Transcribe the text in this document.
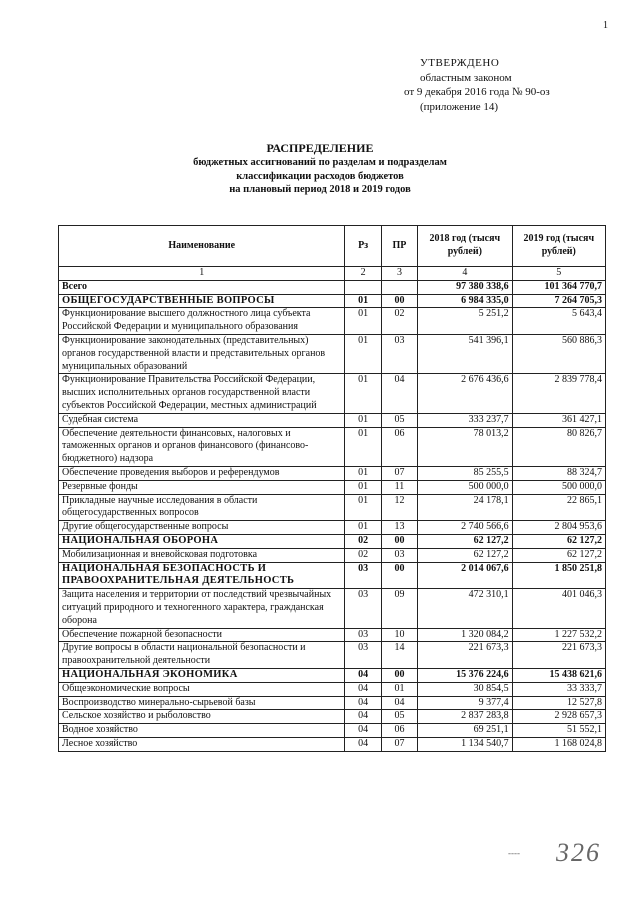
1
УТВЕРЖДЕНО
областным законом
от 9 декабря 2016 года № 90-оз
(приложение 14)
РАСПРЕДЕЛЕНИЕ
бюджетных ассигнований по разделам и подразделам
классификации расходов бюджетов
на плановый период 2018 и 2019 годов
Наименование	Рз	ПР	2018 год (тысяч рублей)	2019 год (тысяч рублей)
1	2	3	4	5
Всего			97 380 338,6	101 364 770,7
ОБЩЕГОСУДАРСТВЕННЫЕ ВОПРОСЫ	01	00	6 984 335,0	7 264 705,3
Функционирование высшего должностного лица субъекта Российской Федерации и муниципального образования	01	02	5 251,2	5 643,4
Функционирование законодательных (представительных) органов государственной власти и представительных органов муниципальных образований	01	03	541 396,1	560 886,3
Функционирование Правительства Российской Федерации, высших исполнительных органов государственной власти субъектов Российской Федерации, местных администраций	01	04	2 676 436,6	2 839 778,4
Судебная система	01	05	333 237,7	361 427,1
Обеспечение деятельности финансовых, налоговых и таможенных органов и органов финансового (финансово-бюджетного) надзора	01	06	78 013,2	80 826,7
Обеспечение проведения выборов и референдумов	01	07	85 255,5	88 324,7
Резервные фонды	01	11	500 000,0	500 000,0
Прикладные научные исследования в области общегосударственных вопросов	01	12	24 178,1	22 865,1
Другие общегосударственные вопросы	01	13	2 740 566,6	2 804 953,6
НАЦИОНАЛЬНАЯ ОБОРОНА	02	00	62 127,2	62 127,2
Мобилизационная и вневойсковая подготовка	02	03	62 127,2	62 127,2
НАЦИОНАЛЬНАЯ БЕЗОПАСНОСТЬ И ПРАВООХРАНИТЕЛЬНАЯ ДЕЯТЕЛЬНОСТЬ	03	00	2 014 067,6	1 850 251,8
Защита населения и территории от последствий чрезвычайных ситуаций природного и техногенного характера, гражданская оборона	03	09	472 310,1	401 046,3
Обеспечение пожарной безопасности	03	10	1 320 084,2	1 227 532,2
Другие вопросы в области национальной безопасности и правоохранительной деятельности	03	14	221 673,3	221 673,3
НАЦИОНАЛЬНАЯ ЭКОНОМИКА	04	00	15 376 224,6	15 438 621,6
Общеэкономические вопросы	04	01	30 854,5	33 333,7
Воспроизводство минерально-сырьевой базы	04	04	9 377,4	12 527,8
Сельское хозяйство и рыболовство	04	05	2 837 283,8	2 928 657,3
Водное хозяйство	04	06	69 251,1	51 552,1
Лесное хозяйство	04	07	1 134 540,7	1 168 024,8
---- 326
